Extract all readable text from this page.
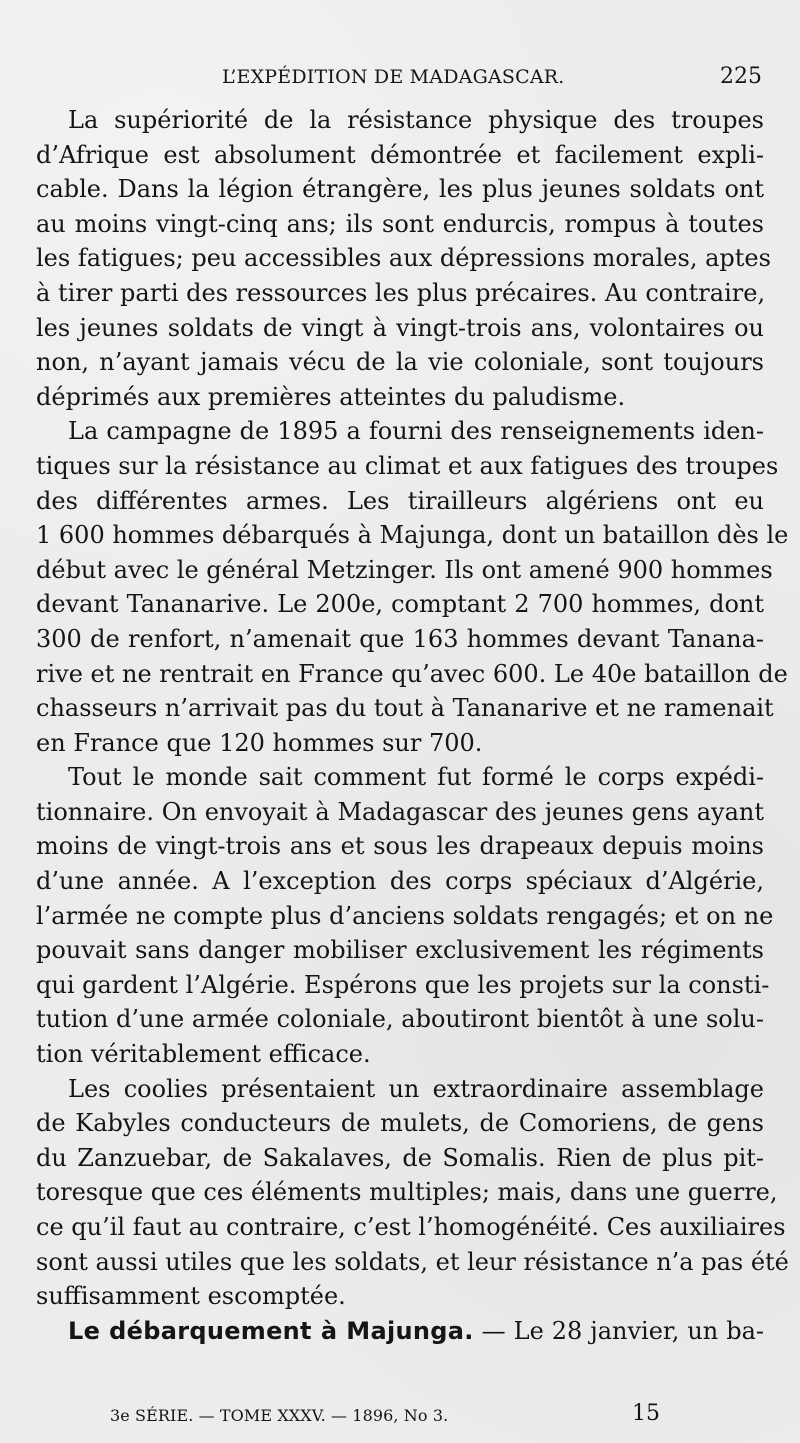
L’EXPÉDITION DE MADAGASCAR.	225
La supériorité de la résistance physique des troupes
d’Afrique est absolument démontrée et facilement expli-
cable. Dans la légion étrangère, les plus jeunes soldats ont
au moins vingt-cinq ans; ils sont endurcis, rompus à toutes
les fatigues; peu accessibles aux dépressions morales, aptes
à tirer parti des ressources les plus précaires. Au contraire,
les jeunes soldats de vingt à vingt-trois ans, volontaires ou
non, n’ayant jamais vécu de la vie coloniale, sont toujours
déprimés aux premières atteintes du paludisme.
La campagne de 1895 a fourni des renseignements iden-
tiques sur la résistance au climat et aux fatigues des troupes
des différentes armes. Les tirailleurs algériens ont eu
1 600 hommes débarqués à Majunga, dont un bataillon dès le
début avec le général Metzinger. Ils ont amené 900 hommes
devant Tananarive. Le 200e, comptant 2 700 hommes, dont
300 de renfort, n’amenait que 163 hommes devant Tanana-
rive et ne rentrait en France qu’avec 600. Le 40e bataillon de
chasseurs n’arrivait pas du tout à Tananarive et ne ramenait
en France que 120 hommes sur 700.
Tout le monde sait comment fut formé le corps expédi-
tionnaire. On envoyait à Madagascar des jeunes gens ayant
moins de vingt-trois ans et sous les drapeaux depuis moins
d’une année. A l’exception des corps spéciaux d’Algérie,
l’armée ne compte plus d’anciens soldats rengagés; et on ne
pouvait sans danger mobiliser exclusivement les régiments
qui gardent l’Algérie. Espérons que les projets sur la consti-
tution d’une armée coloniale, aboutiront bientôt à une solu-
tion véritablement efficace.
Les coolies présentaient un extraordinaire assemblage
de Kabyles conducteurs de mulets, de Comoriens, de gens
du Zanzuebar, de Sakalaves, de Somalis. Rien de plus pit-
toresque que ces éléments multiples; mais, dans une guerre,
ce qu’il faut au contraire, c’est l’homogénéité. Ces auxiliaires
sont aussi utiles que les soldats, et leur résistance n’a pas été
suffisamment escomptée.
Le débarquement à Majunga. — Le 28 janvier, un ba-
3e SÉRIE. — TOME XXXV. — 1896, No 3.	15
